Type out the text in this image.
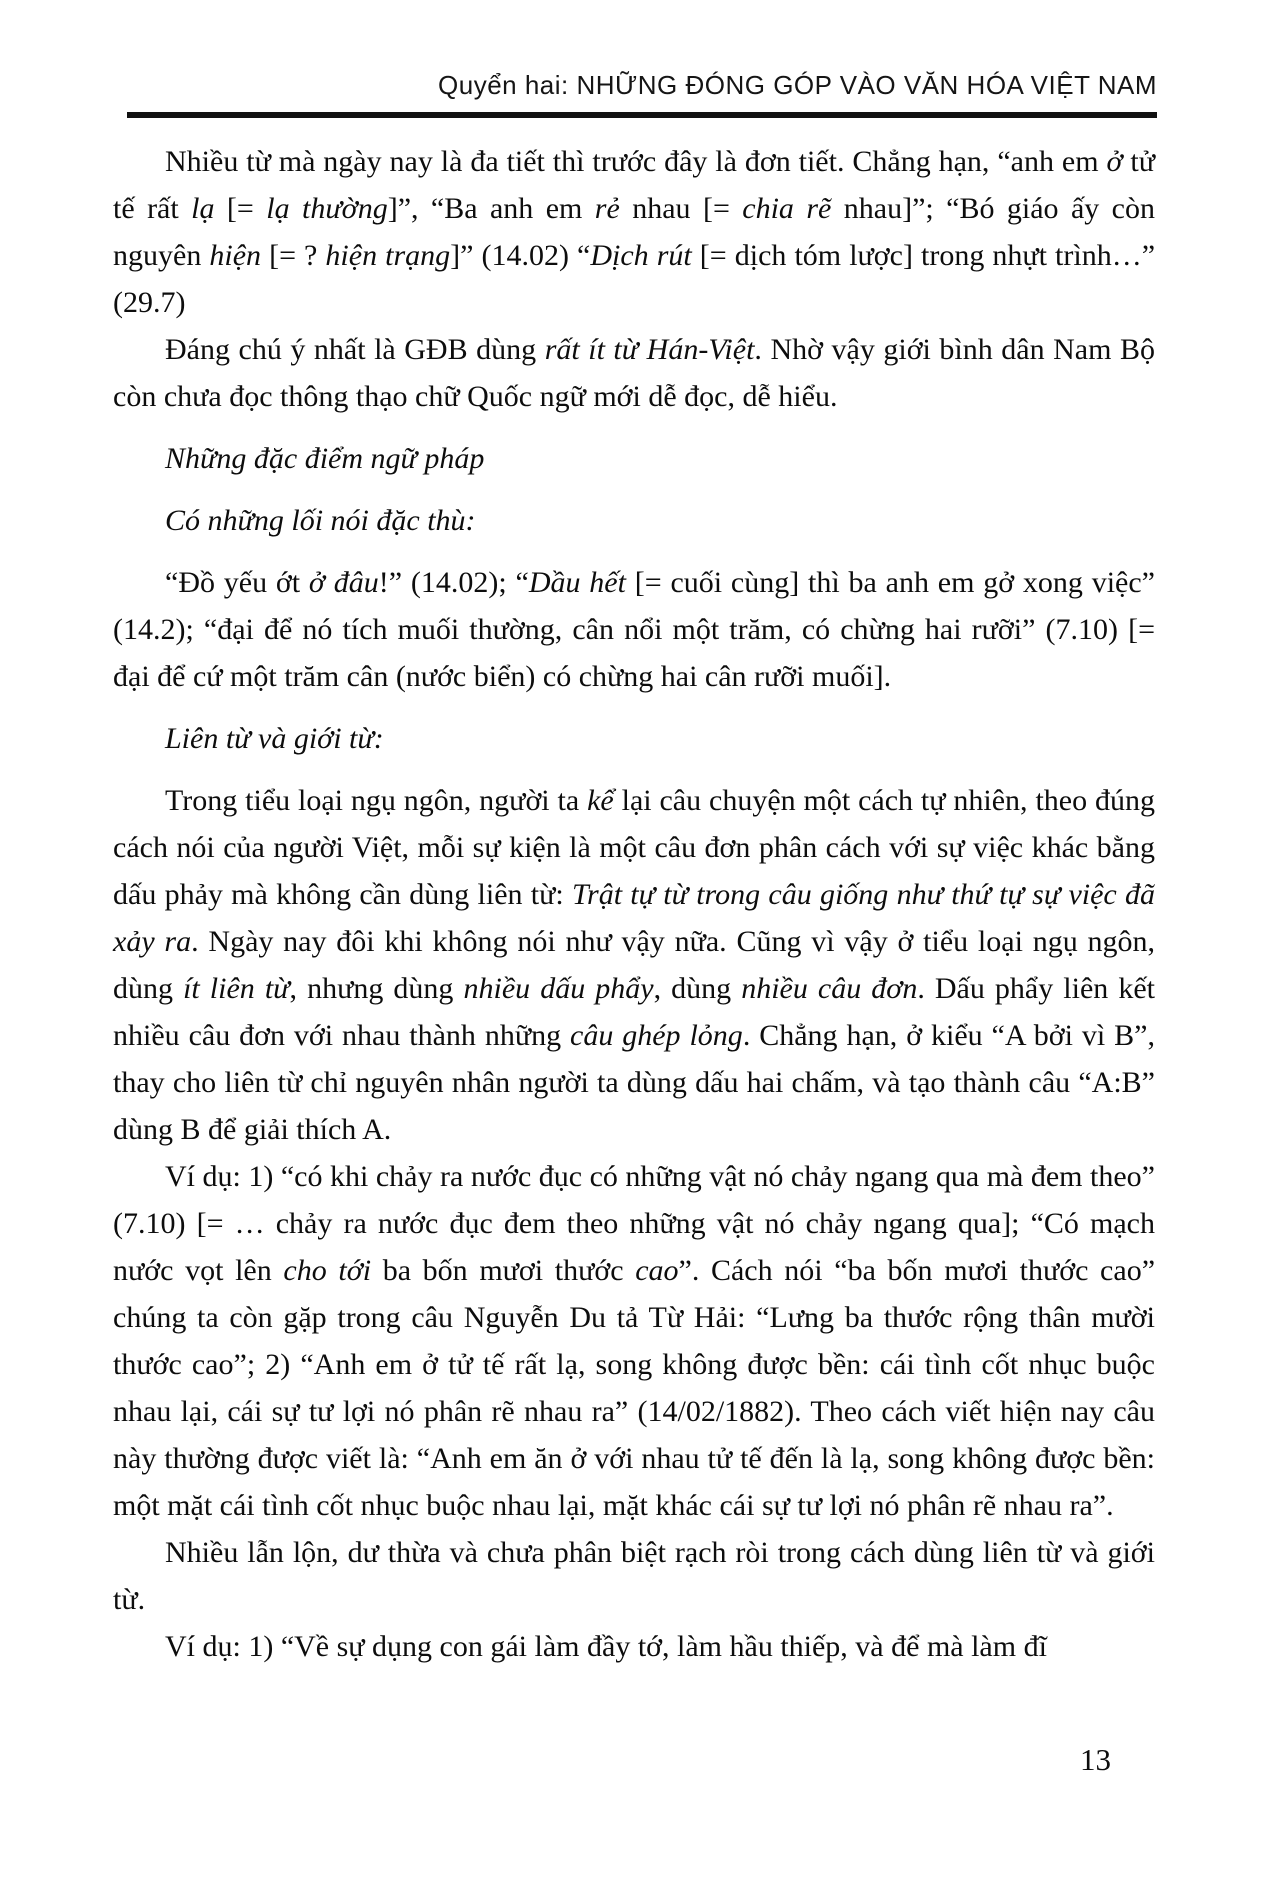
Quyển hai: NHỮNG ĐÓNG GÓP VÀO VĂN HÓA VIỆT NAM

Nhiều từ mà ngày nay là đa tiết thì trước đây là đơn tiết. Chẳng hạn, “anh em ở tử tế rất lạ [= lạ thường]”, “Ba anh em rẻ nhau [= chia rẽ nhau]”; “Bó giáo ấy còn nguyên hiện [= ? hiện trạng]” (14.02) “Dịch rút [= dịch tóm lược] trong nhựt trình…” (29.7)

Đáng chú ý nhất là GĐB dùng rất ít từ Hán-Việt. Nhờ vậy giới bình dân Nam Bộ còn chưa đọc thông thạo chữ Quốc ngữ mới dễ đọc, dễ hiểu.

Những đặc điểm ngữ pháp

Có những lối nói đặc thù:

“Đồ yếu ớt ở đâu!” (14.02); “Dầu hết [= cuối cùng] thì ba anh em gở xong việc” (14.2); “đại để nó tích muối thường, cân nổi một trăm, có chừng hai rưỡi” (7.10) [= đại để cứ một trăm cân (nước biển) có chừng hai cân rưỡi muối].

Liên từ và giới từ:

Trong tiểu loại ngụ ngôn, người ta kể lại câu chuyện một cách tự nhiên, theo đúng cách nói của người Việt, mỗi sự kiện là một câu đơn phân cách với sự việc khác bằng dấu phảy mà không cần dùng liên từ: Trật tự từ trong câu giống như thứ tự sự việc đã xảy ra. Ngày nay đôi khi không nói như vậy nữa. Cũng vì vậy ở tiểu loại ngụ ngôn, dùng ít liên từ, nhưng dùng nhiều dấu phẩy, dùng nhiều câu đơn. Dấu phẩy liên kết nhiều câu đơn với nhau thành những câu ghép lỏng. Chẳng hạn, ở kiểu “A bởi vì B”, thay cho liên từ chỉ nguyên nhân người ta dùng dấu hai chấm, và tạo thành câu “A:B” dùng B để giải thích A.

Ví dụ: 1) “có khi chảy ra nước đục có những vật nó chảy ngang qua mà đem theo” (7.10) [= … chảy ra nước đục đem theo những vật nó chảy ngang qua]; “Có mạch nước vọt lên cho tới ba bốn mươi thước cao”. Cách nói “ba bốn mươi thước cao” chúng ta còn gặp trong câu Nguyễn Du tả Từ Hải: “Lưng ba thước rộng thân mười thước cao”; 2) “Anh em ở tử tế rất lạ, song không được bền: cái tình cốt nhục buộc nhau lại, cái sự tư lợi nó phân rẽ nhau ra” (14/02/1882). Theo cách viết hiện nay câu này thường được viết là: “Anh em ăn ở với nhau tử tế đến là lạ, song không được bền: một mặt cái tình cốt nhục buộc nhau lại, mặt khác cái sự tư lợi nó phân rẽ nhau ra”.

Nhiều lẫn lộn, dư thừa và chưa phân biệt rạch ròi trong cách dùng liên từ và giới từ.

Ví dụ: 1) “Về sự dụng con gái làm đầy tớ, làm hầu thiếp, và để mà làm đĩ

13
